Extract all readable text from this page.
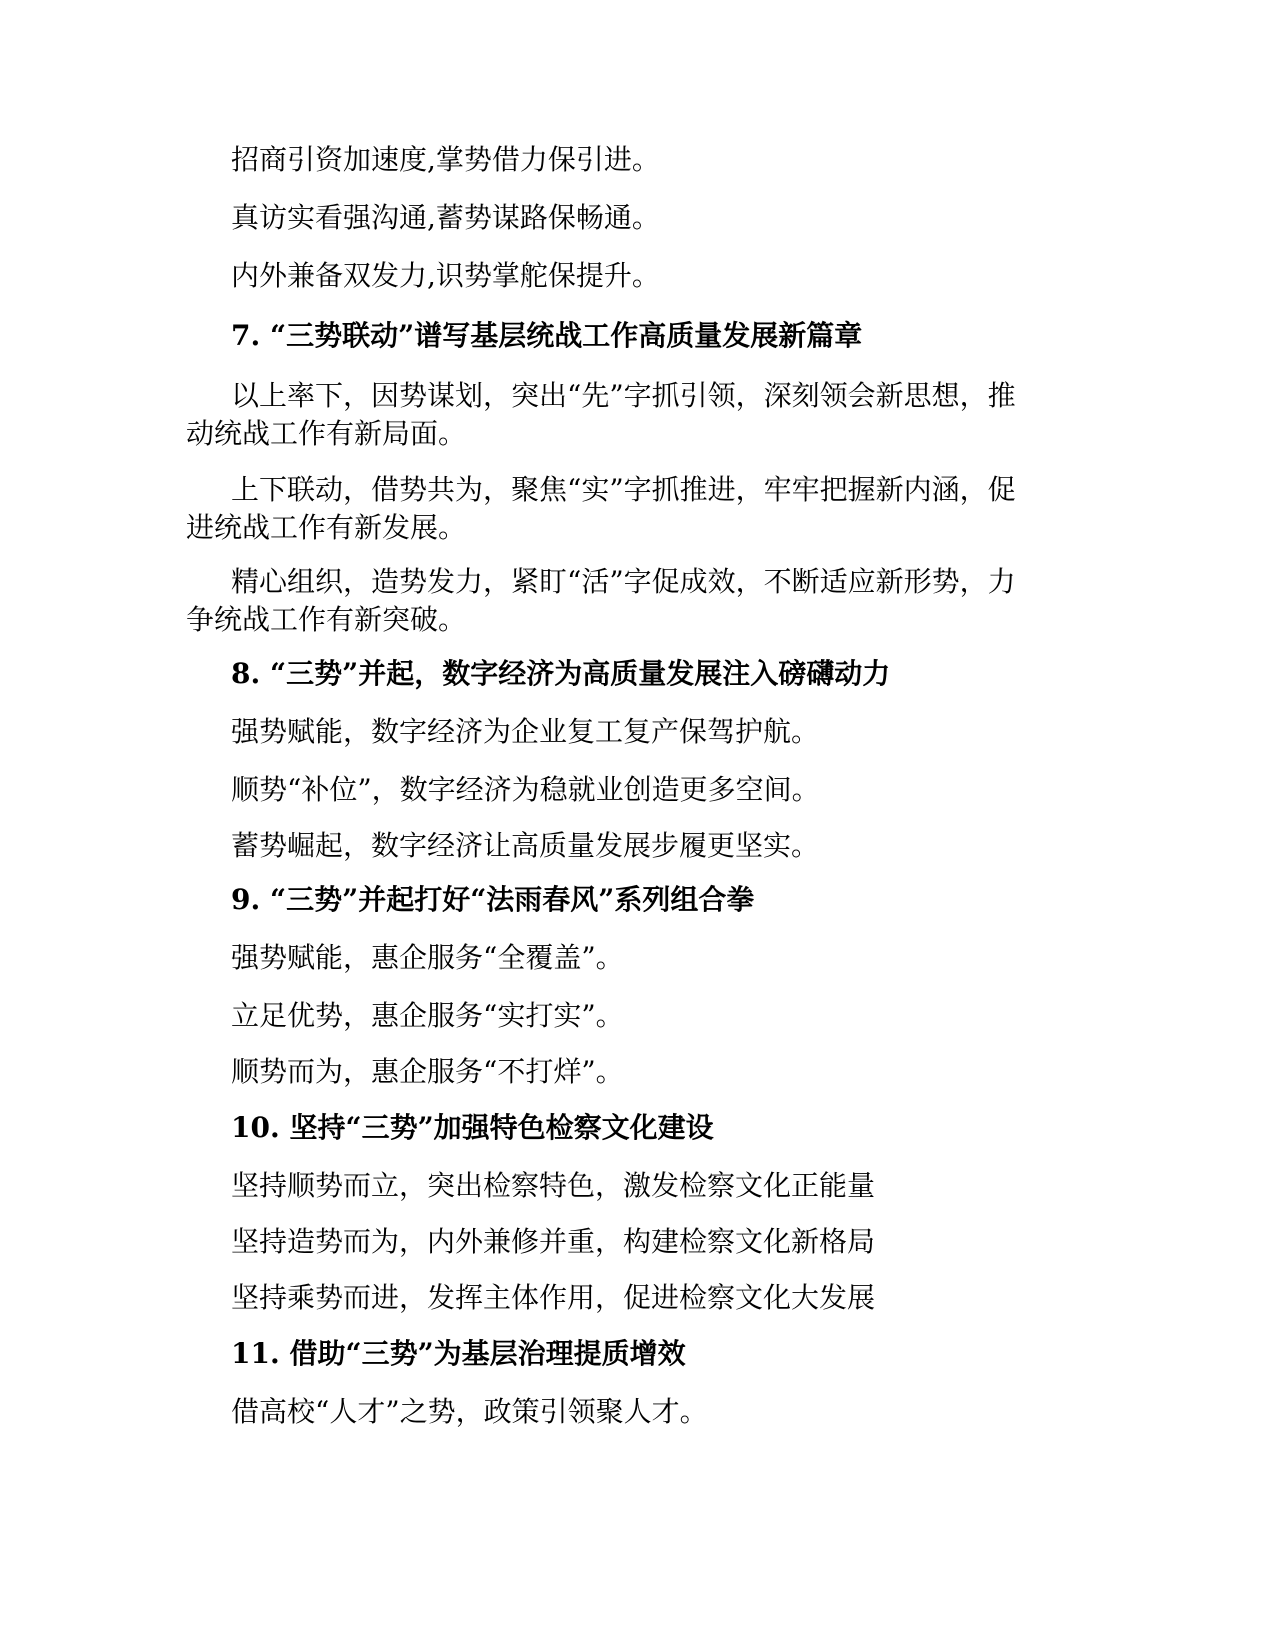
招商引资加速度,掌势借力保引进。
真访实看强沟通,蓄势谋路保畅通。
内外兼备双发力,识势掌舵保提升。
7. “三势联动”谱写基层统战工作高质量发展新篇章
以上率下，因势谋划，突出“先”字抓引领，深刻领会新思想，推
动统战工作有新局面。
上下联动，借势共为，聚焦“实”字抓推进，牢牢把握新内涵，促
进统战工作有新发展。
精心组织，造势发力，紧盯“活”字促成效，不断适应新形势，力
争统战工作有新突破。
8. “三势”并起，数字经济为高质量发展注入磅礴动力
强势赋能，数字经济为企业复工复产保驾护航。
顺势“补位”，数字经济为稳就业创造更多空间。
蓄势崛起，数字经济让高质量发展步履更坚实。
9. “三势”并起打好“法雨春风”系列组合拳
强势赋能，惠企服务“全覆盖”。
立足优势，惠企服务“实打实”。
顺势而为，惠企服务“不打烊”。
10. 坚持“三势”加强特色检察文化建设
坚持顺势而立，突出检察特色，激发检察文化正能量
坚持造势而为，内外兼修并重，构建检察文化新格局
坚持乘势而进，发挥主体作用，促进检察文化大发展
11. 借助“三势”为基层治理提质增效
借高校“人才”之势，政策引领聚人才。
